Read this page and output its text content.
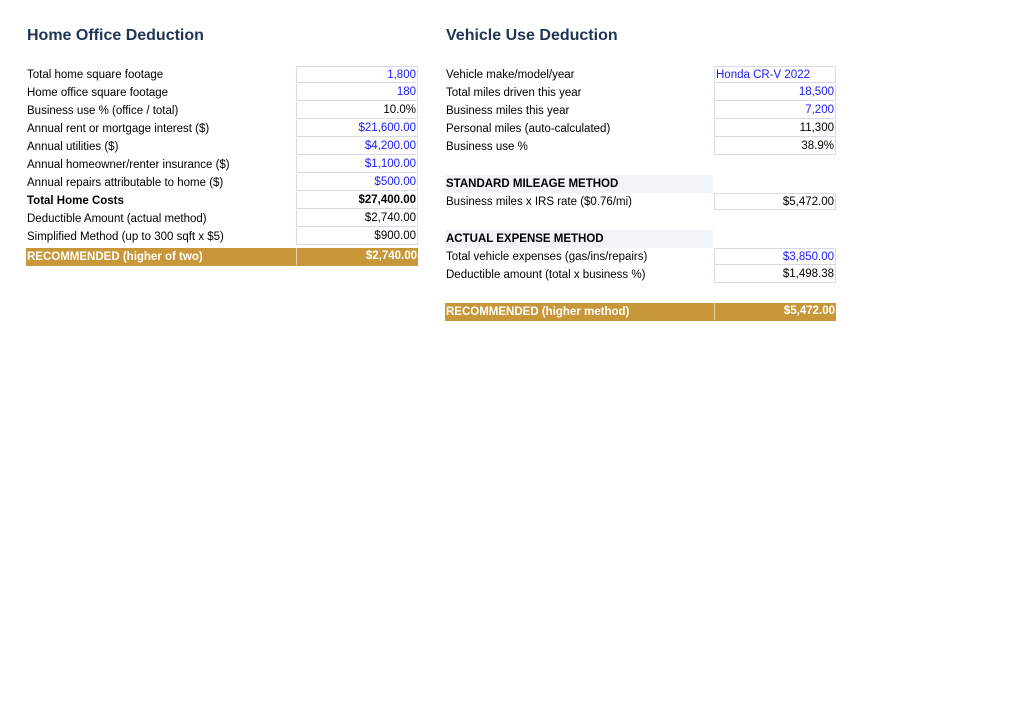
Home Office Deduction
Total home square footage	1,800
Home office square footage	180
Business use % (office / total)	10.0%
Annual rent or mortgage interest ($)	$21,600.00
Annual utilities ($)	$4,200.00
Annual homeowner/renter insurance ($)	$1,100.00
Annual repairs attributable to home ($)	$500.00
Total Home Costs	$27,400.00
Deductible Amount (actual method)	$2,740.00
Simplified Method (up to 300 sqft x $5)	$900.00
RECOMMENDED (higher of two)	$2,740.00
Vehicle Use Deduction
Vehicle make/model/year	Honda CR-V 2022
Total miles driven this year	18,500
Business miles this year	7,200
Personal miles (auto-calculated)	11,300
Business use %	38.9%
STANDARD MILEAGE METHOD
Business miles x IRS rate ($0.76/mi)	$5,472.00
ACTUAL EXPENSE METHOD
Total vehicle expenses (gas/ins/repairs)	$3,850.00
Deductible amount (total x business %)	$1,498.38
RECOMMENDED (higher method)	$5,472.00
